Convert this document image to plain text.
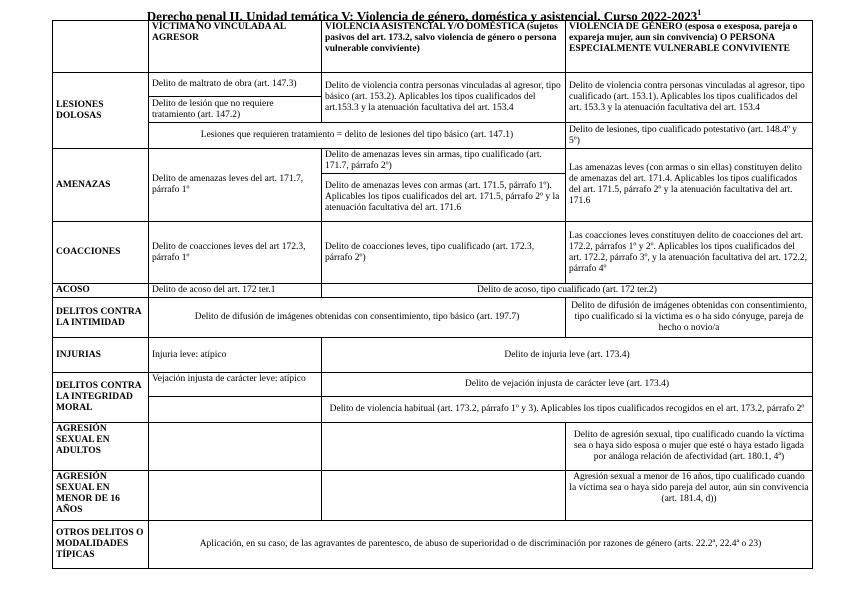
Derecho penal II. Unidad temática V: Violencia de género, doméstica y asistencial. Curso 2022-2023$^1$
	VÍCTIMA NO VINCULADA AL AGRESOR	VIOLENCIA ASISTENCIAL Y/O DOMÉSTICA (sujetos pasivos del art. 173.2, salvo violencia de género o persona vulnerable conviviente)	VIOLENCIA DE GÉNERO (esposa o exesposa, pareja o expareja mujer, aun sin convivencia) O PERSONA ESPECIALMENTE VULNERABLE CONVIVIENTE
LESIONES DOLOSAS	Delito de maltrato de obra (art. 147.3)	Delito de violencia contra personas vinculadas al agresor, tipo básico (art. 153.2). Aplicables los tipos cualificados del art.153.3 y la atenuación facultativa del art. 153.4	Delito de violencia contra personas vinculadas al agresor, tipo cualificado (art. 153.1). Aplicables los tipos cualificados del art. 153.3 y la atenuación facultativa del art. 153.4
	Delito de lesión que no requiere tratamiento (art. 147.2)		
	Lesiones que requieren tratamiento = delito de lesiones del tipo básico (art. 147.1)		Delito de lesiones, tipo cualificado potestativo (art. 148.4º y 5º)
AMENAZAS	Delito de amenazas leves del art. 171.7, párrafo 1º	Delito de amenazas leves sin armas, tipo cualificado (art. 171.7, párrafo 2º)	Las amenazas leves (con armas o sin ellas) constituyen delito de amenazas del art. 171.4. Aplicables los tipos cualificados del art. 171.5, párrafo 2º y la atenuación facultativa del art. 171.6
		Delito de amenazas leves con armas (art. 171.5, párrafo 1º). Aplicables los tipos cualificados del art. 171.5, párrafo 2º y la atenuación facultativa del art. 171.6	
COACCIONES	Delito de coacciones leves del art 172.3, párrafo 1º	Delito de coacciones leves, tipo cualificado (art. 172.3, párrafo 2º)	Las coacciones leves constituyen delito de coacciones del art. 172.2, párrafos 1º y 2º. Aplicables los tipos cualificados del art. 172.2, párrafo 3º, y la atenuación facultativa del art. 172.2, párrafo 4º
ACOSO	Delito de acoso del art. 172 ter.1	Delito de acoso, tipo cualificado (art. 172 ter.2)	
DELITOS CONTRA LA INTIMIDAD	Delito de difusión de imágenes obtenidas con consentimiento, tipo básico (art. 197.7)		Delito de difusión de imágenes obtenidas con consentimiento, tipo cualificado si la víctima es o ha sido cónyuge, pareja de hecho o novio/a
INJURIAS	Injuria leve: atípico	Delito de injuria leve (art. 173.4)	
DELITOS CONTRA LA INTEGRIDAD MORAL	Vejación injusta de carácter leve: atípico	Delito de vejación injusta de carácter leve (art. 173.4)	
		Delito de violencia habitual (art. 173.2, párrafo 1º y 3). Aplicables los tipos cualificados recogidos en el art. 173.2, párrafo 2º	
AGRESIÓN SEXUAL EN ADULTOS			Delito de agresión sexual, tipo cualificado cuando la víctima sea o haya sido esposa o mujer que esté o haya estado ligada por análoga relación de afectividad (art. 180.1, 4ª)
AGRESIÓN SEXUAL EN MENOR DE 16 AÑOS			Agresión sexual a menor de 16 años, tipo cualificado cuando la víctima sea o haya sido pareja del autor, aún sin convivencia (art. 181.4, d))
OTROS DELITOS O MODALIDADES TÍPICAS	Aplicación, en su caso, de las agravantes de parentesco, de abuso de superioridad o de discriminación por razones de género (arts. 22.2ª, 22.4ª o 23)		
